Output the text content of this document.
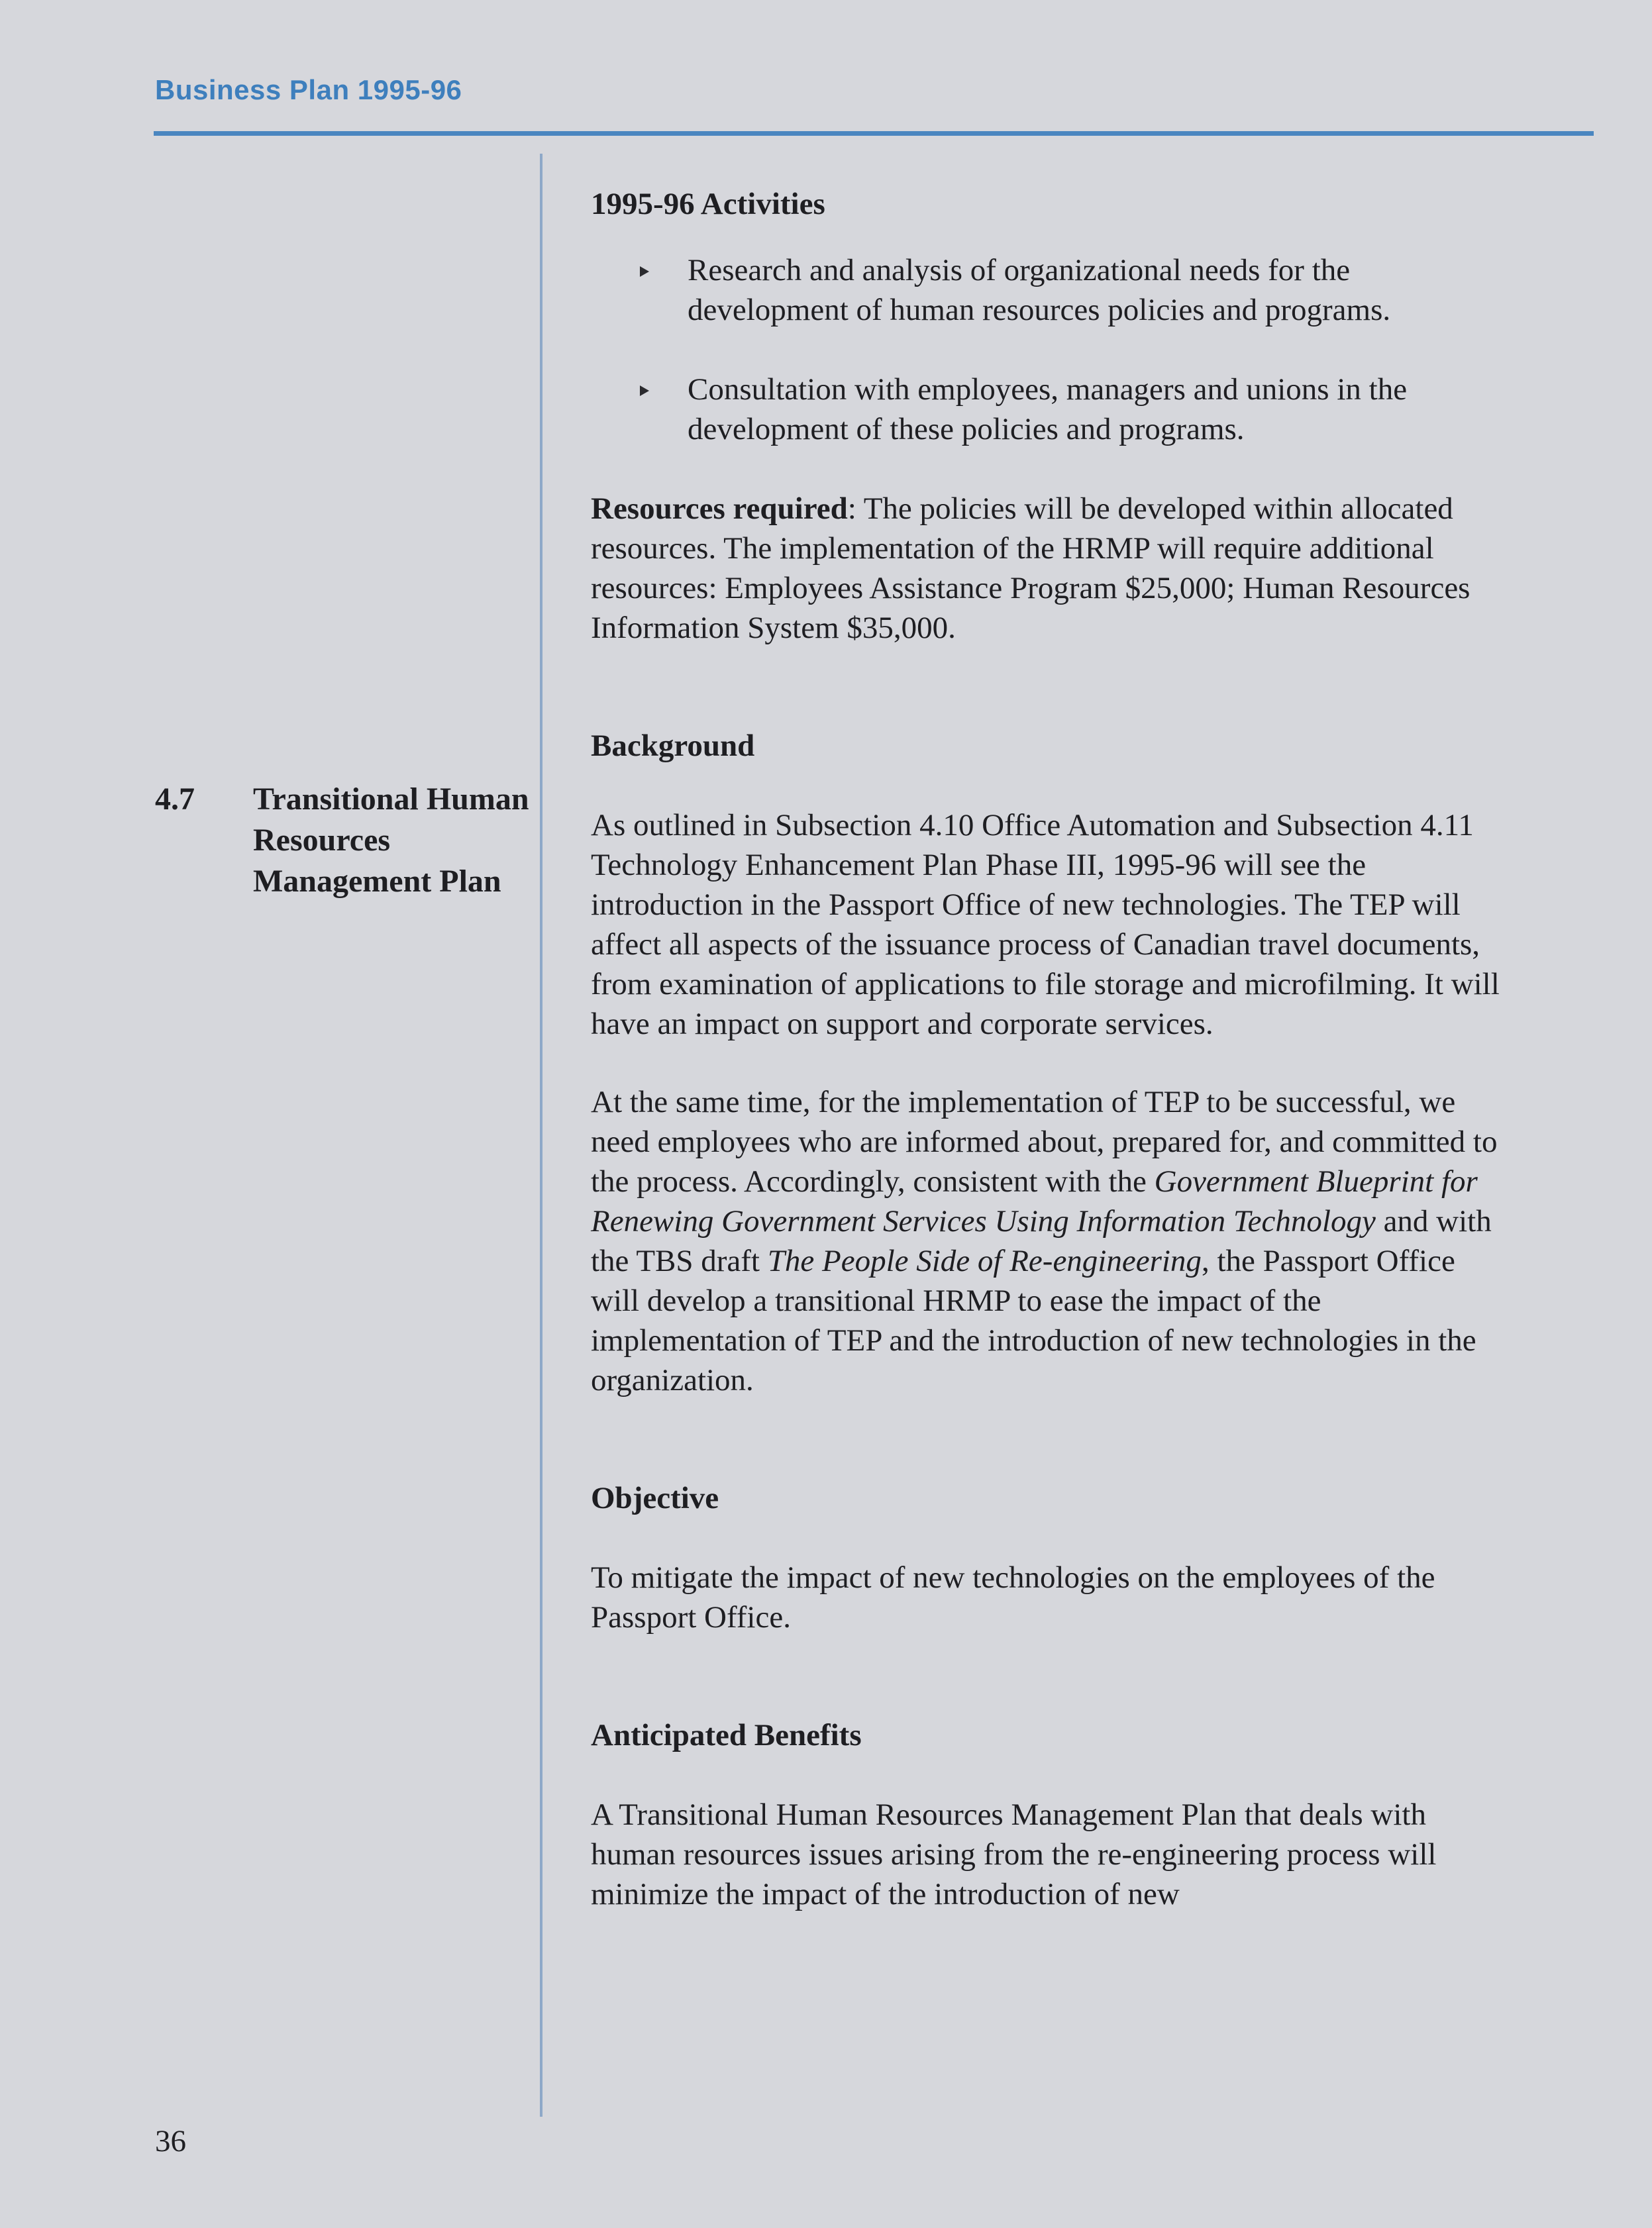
Business Plan 1995-96
4.7	Transitional Human Resources Management Plan
1995-96 Activities
Research and analysis of organizational needs for the development of human resources policies and programs.
Consultation with employees, managers and unions in the development of these policies and programs.

Resources required: The policies will be developed within allocated resources. The implementation of the HRMP will require additional resources: Employees Assistance Program $25,000; Human Resources Information System $35,000.

Background

As outlined in Subsection 4.10 Office Automation and Subsection 4.11 Technology Enhancement Plan Phase III, 1995-96 will see the introduction in the Passport Office of new technologies. The TEP will affect all aspects of the issuance process of Canadian travel documents, from examination of applications to file storage and microfilming. It will have an impact on support and corporate services.

At the same time, for the implementation of TEP to be successful, we need employees who are informed about, prepared for, and committed to the process. Accordingly, consistent with the Government Blueprint for Renewing Government Services Using Information Technology and with the TBS draft The People Side of Re-engineering, the Passport Office will develop a transitional HRMP to ease the impact of the implementation of TEP and the introduction of new technologies in the organization.

Objective

To mitigate the impact of new technologies on the employees of the Passport Office.

Anticipated Benefits

A Transitional Human Resources Management Plan that deals with human resources issues arising from the re-engineering process will minimize the impact of the introduction of new

36
